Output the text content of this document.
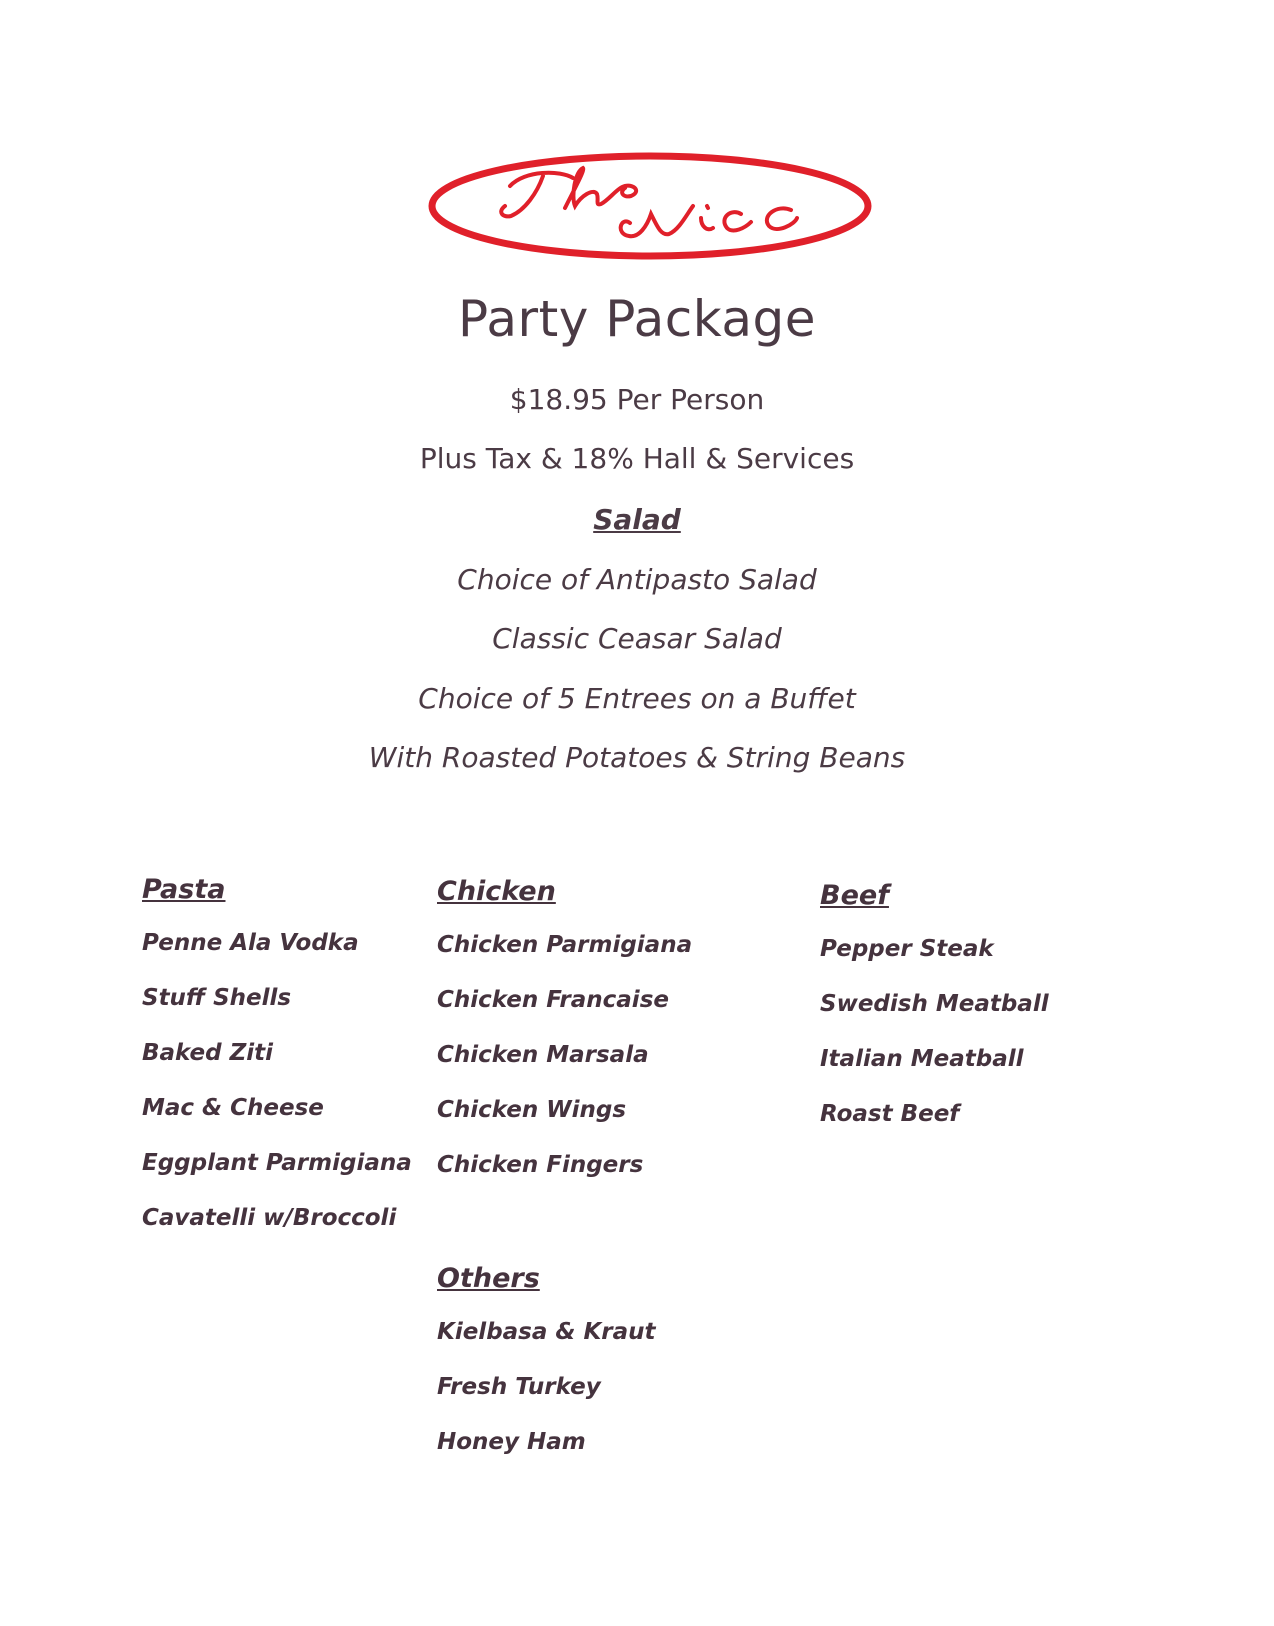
Party Package
$18.95 Per Person
Plus Tax & 18% Hall & Services
Salad
Choice of Antipasto Salad
Classic Ceasar Salad
Choice of 5 Entrees on a Buffet
With Roasted Potatoes & String Beans
Pasta
Penne Ala Vodka
Stuff Shells
Baked Ziti
Mac & Cheese
Eggplant Parmigiana
Cavatelli w/Broccoli
Chicken
Chicken Parmigiana
Chicken Francaise
Chicken Marsala
Chicken Wings
Chicken Fingers
Beef
Pepper Steak
Swedish Meatball
Italian Meatball
Roast Beef
Others
Kielbasa & Kraut
Fresh Turkey
Honey Ham
